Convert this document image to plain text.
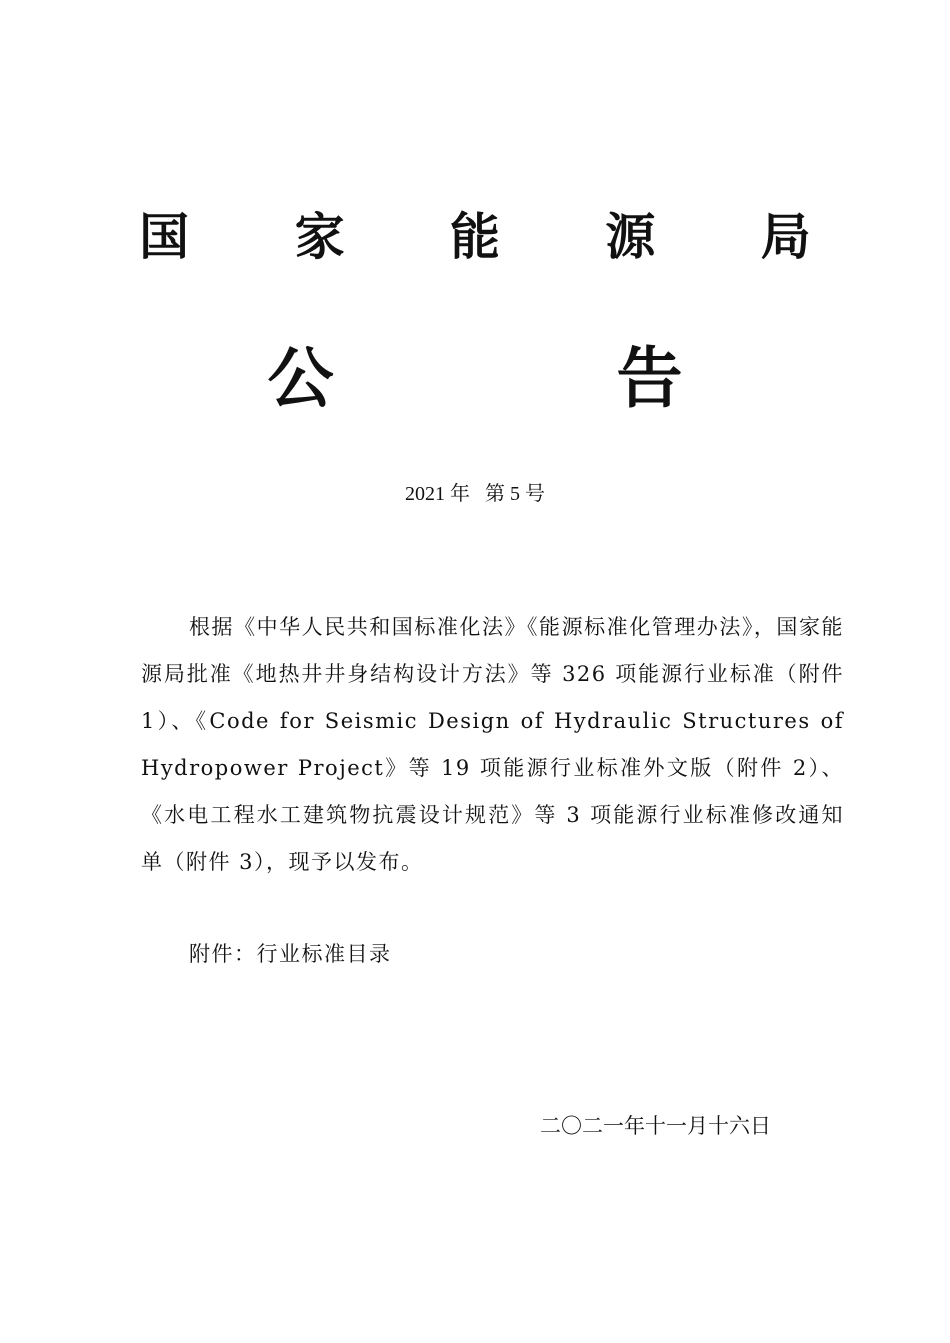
国 家 能 源 局
公 告
2021 年   第 5 号

根据《中华人民共和国标准化法》《能源标准化管理办法》，国家能源局批准《地热井井身结构设计方法》等 326 项能源行业标准（附件 1）、《Code for Seismic Design of Hydraulic Structures of Hydropower Project》等 19 项能源行业标准外文版（附件 2）、《水电工程水工建筑物抗震设计规范》等 3 项能源行业标准修改通知单（附件 3），现予以发布。

附件：行业标准目录
二〇二一年十一月十六日
